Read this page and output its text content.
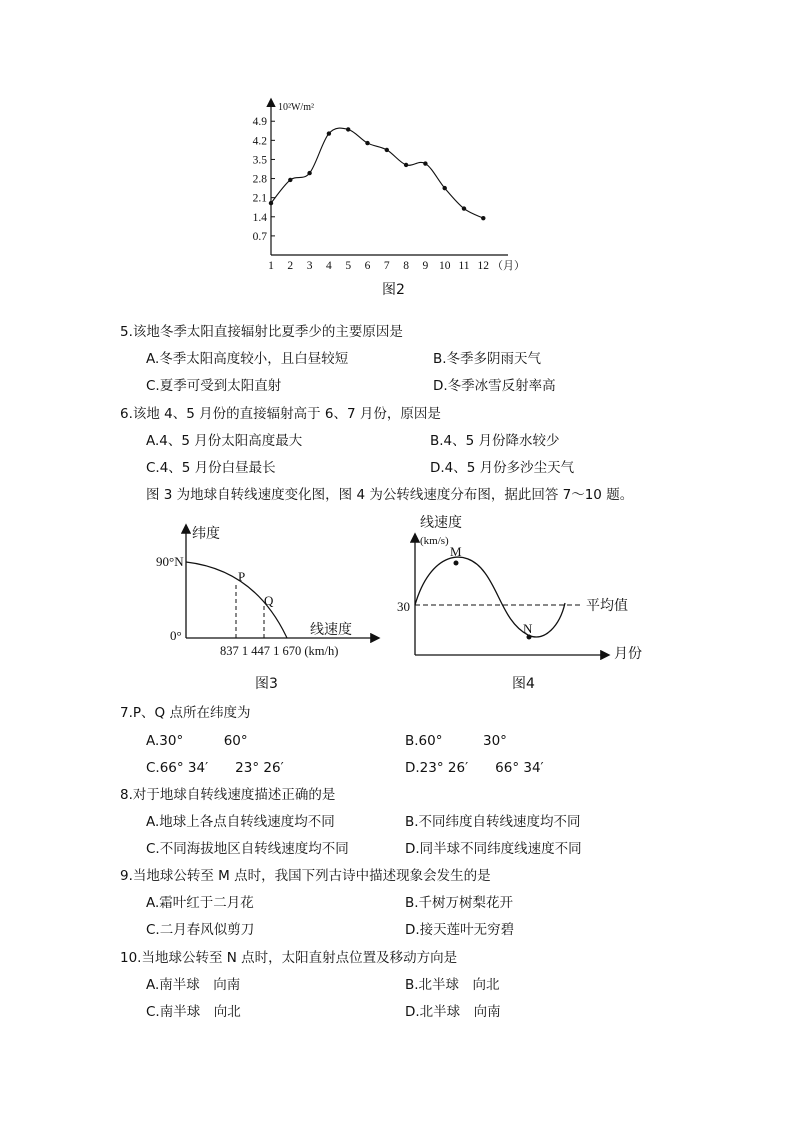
10²W/m²
（月）
0.7
1.4
2.1
2.8
3.5
4.2
4.9
1 2 3 4 5 6 7 8 9 10 11 12
图2
5.该地冬季太阳直接辐射比夏季少的主要原因是
A.冬季太阳高度较小，且白昼较短	B.冬季多阴雨天气
C.夏季可受到太阳直射	D.冬季冰雪反射率高
6.该地 4、5 月份的直接辐射高于 6、7 月份，原因是
A.4、5 月份太阳高度最大	B.4、5 月份降水较少
C.4、5 月份白昼最长	D.4、5 月份多沙尘天气
图 3 为地球自转线速度变化图，图 4 为公转线速度分布图，据此回答 7～10 题。
纬度
90°N
0°
P
Q
线速度
837 1 447 1 670 (km/h)
图3
线速度
(km/s)
30
M
N
平均值
月份
图4
7.P、Q 点所在纬度为
A.30°　　　60°	B.60°　　　30°
C.66° 34′　　23° 26′	D.23° 26′　　66° 34′
8.对于地球自转线速度描述正确的是
A.地球上各点自转线速度均不同	B.不同纬度自转线速度均不同
C.不同海拔地区自转线速度均不同	D.同半球不同纬度线速度不同
9.当地球公转至 M 点时，我国下列古诗中描述现象会发生的是
A.霜叶红于二月花	B.千树万树梨花开
C.二月春风似剪刀	D.接天莲叶无穷碧
10.当地球公转至 N 点时，太阳直射点位置及移动方向是
A.南半球　向南	B.北半球　向北
C.南半球　向北	D.北半球　向南
